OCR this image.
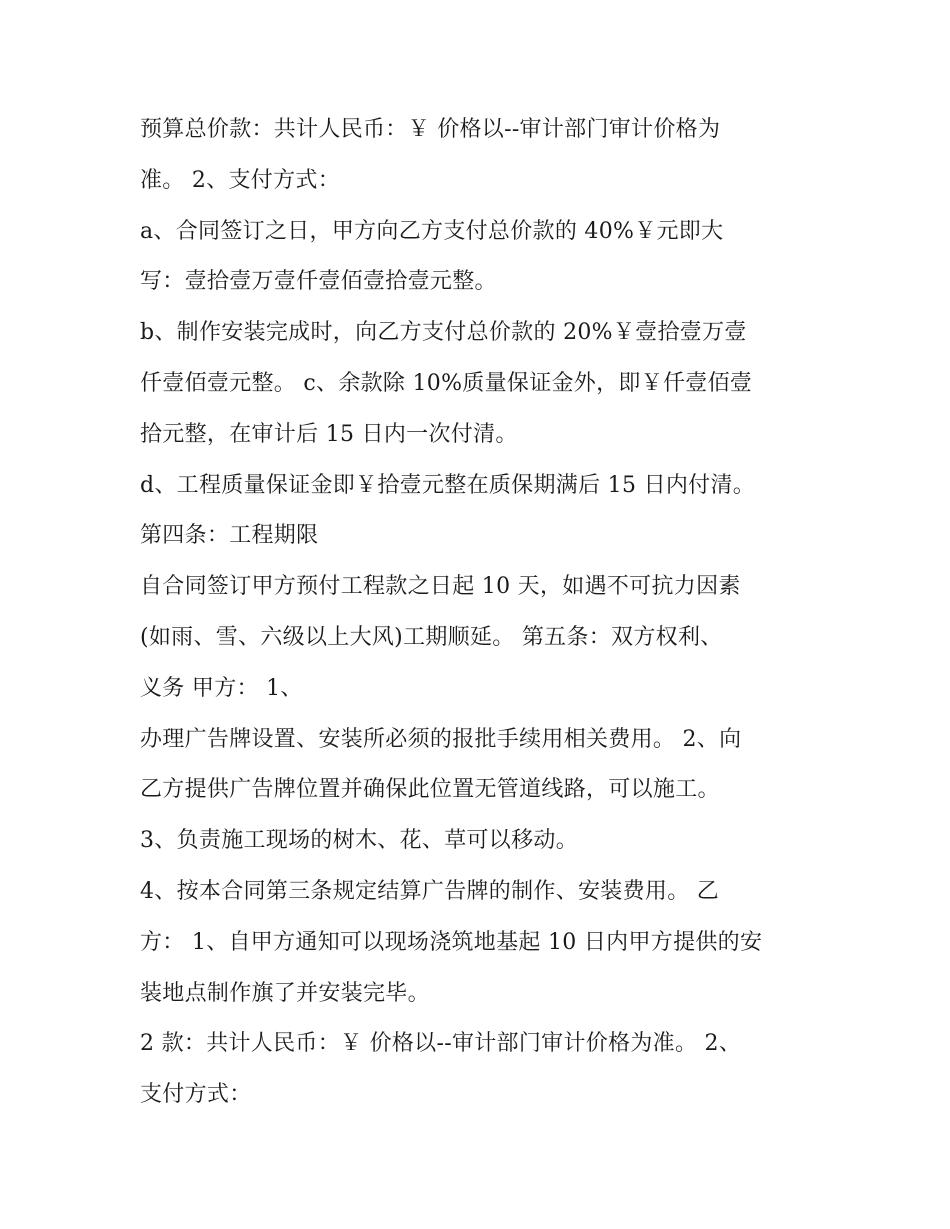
预算总价款：共计人民币：￥ 价格以--审计部门审计价格为
准。 2、支付方式：
a、合同签订之日，甲方向乙方支付总价款的 40%￥元即大
写：壹拾壹万壹仟壹佰壹拾壹元整。
b、制作安装完成时，向乙方支付总价款的 20%￥壹拾壹万壹
仟壹佰壹元整。 c、余款除 10%质量保证金外，即￥仟壹佰壹
拾元整，在审计后 15 日内一次付清。
d、工程质量保证金即￥拾壹元整在质保期满后 15 日内付清。
第四条：工程期限
自合同签订甲方预付工程款之日起 10 天，如遇不可抗力因素
(如雨、雪、六级以上大风)工期顺延。 第五条：双方权利、
义务 甲方： 1、
办理广告牌设置、安装所必须的报批手续用相关费用。 2、向
乙方提供广告牌位置并确保此位置无管道线路，可以施工。
3、负责施工现场的树木、花、草可以移动。
4、按本合同第三条规定结算广告牌的制作、安装费用。 乙
方： 1、自甲方通知可以现场浇筑地基起 10 日内甲方提供的安
装地点制作旗了并安装完毕。
2 款：共计人民币：￥ 价格以--审计部门审计价格为准。 2、
支付方式：
